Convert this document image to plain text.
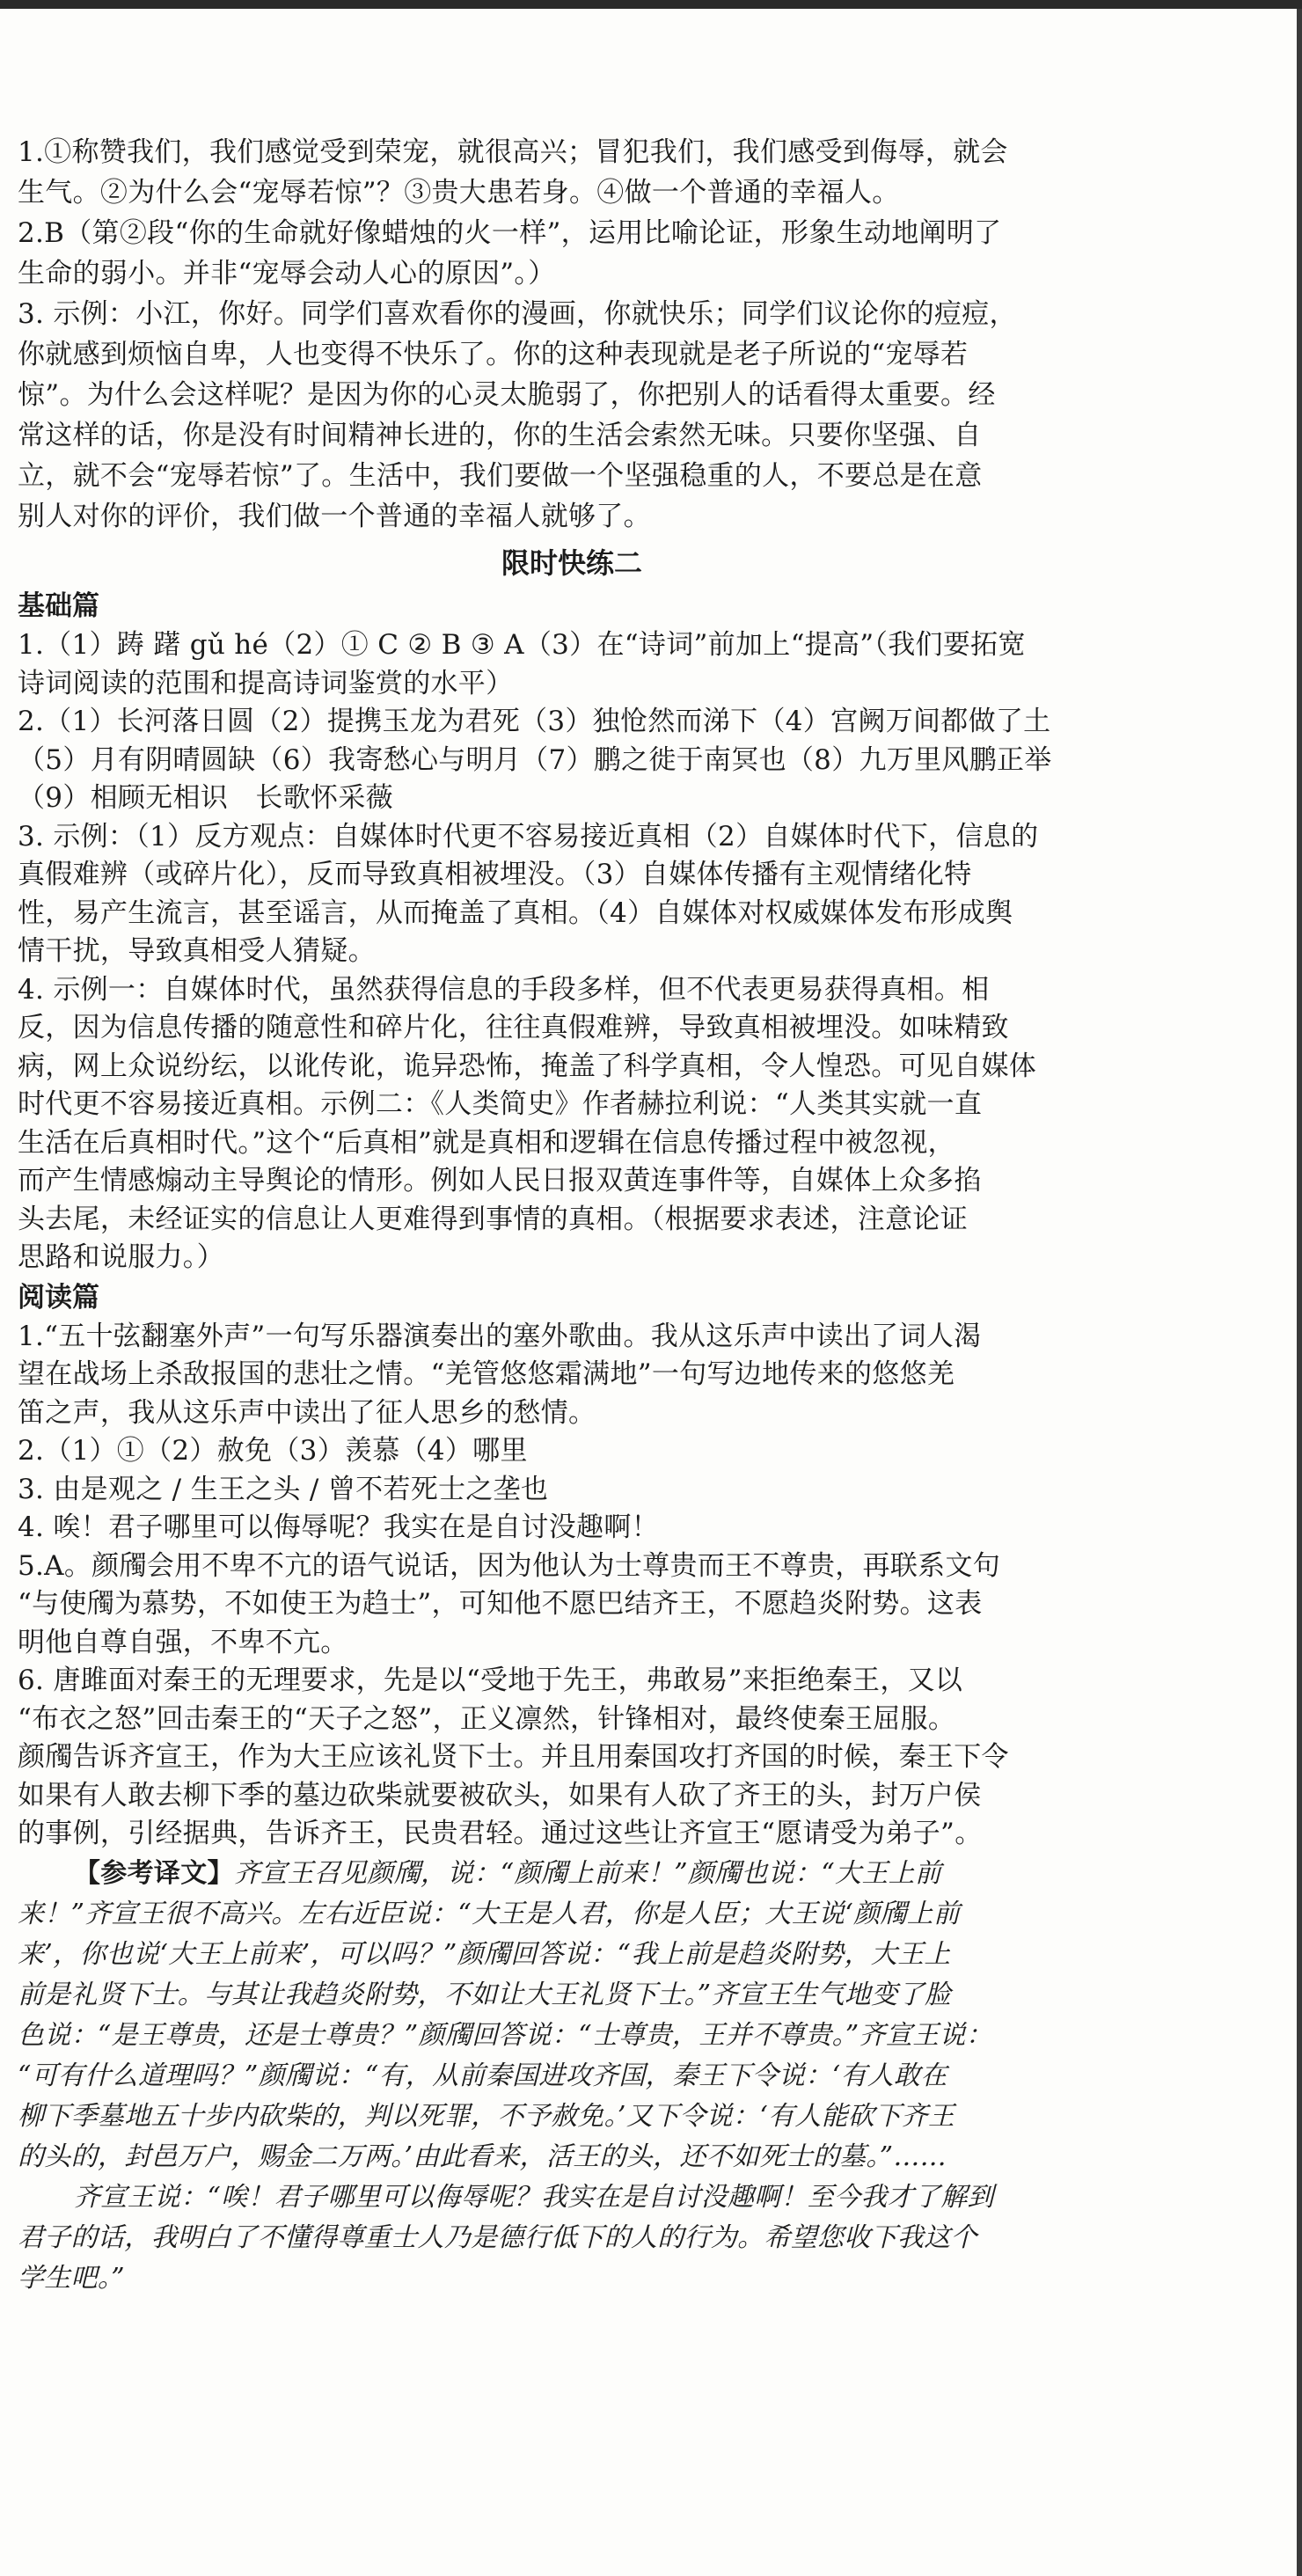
1.①称赞我们，我们感觉受到荣宠，就很高兴；冒犯我们，我们感受到侮辱，就会

生气。②为什么会“宠辱若惊”？③贵大患若身。④做一个普通的幸福人。

2.B（第②段“你的生命就好像蜡烛的火一样”，运用比喻论证，形象生动地阐明了

生命的弱小。并非“宠辱会动人心的原因”。）

3. 示例：小江，你好。同学们喜欢看你的漫画，你就快乐；同学们议论你的痘痘，

你就感到烦恼自卑，人也变得不快乐了。你的这种表现就是老子所说的“宠辱若

惊”。为什么会这样呢？是因为你的心灵太脆弱了，你把别人的话看得太重要。经

常这样的话，你是没有时间精神长进的，你的生活会索然无味。只要你坚强、自

立，就不会“宠辱若惊”了。生活中，我们要做一个坚强稳重的人，不要总是在意

别人对你的评价，我们做一个普通的幸福人就够了。

限时快练二

基础篇

1.（1）踌 躇 gǔ hé（2）① C ② B ③ A（3）在“诗词”前加上“提高”（我们要拓宽

诗词阅读的范围和提高诗词鉴赏的水平）

2.（1）长河落日圆（2）提携玉龙为君死（3）独怆然而涕下（4）宫阙万间都做了土

（5）月有阴晴圆缺（6）我寄愁心与明月（7）鹏之徙于南冥也（8）九万里风鹏正举

（9）相顾无相识　长歌怀采薇

3. 示例：（1）反方观点：自媒体时代更不容易接近真相（2）自媒体时代下，信息的

真假难辨（或碎片化），反而导致真相被埋没。（3）自媒体传播有主观情绪化特

性，易产生流言，甚至谣言，从而掩盖了真相。（4）自媒体对权威媒体发布形成舆

情干扰，导致真相受人猜疑。

4. 示例一：自媒体时代，虽然获得信息的手段多样，但不代表更易获得真相。相

反，因为信息传播的随意性和碎片化，往往真假难辨，导致真相被埋没。如味精致

病，网上众说纷纭，以讹传讹，诡异恐怖，掩盖了科学真相，令人惶恐。可见自媒体

时代更不容易接近真相。示例二：《人类简史》作者赫拉利说：“人类其实就一直

生活在后真相时代。”这个“后真相”就是真相和逻辑在信息传播过程中被忽视，

而产生情感煽动主导舆论的情形。例如人民日报双黄连事件等，自媒体上众多掐

头去尾，未经证实的信息让人更难得到事情的真相。（根据要求表述，注意论证

思路和说服力。）

阅读篇

1.“五十弦翻塞外声”一句写乐器演奏出的塞外歌曲。我从这乐声中读出了词人渴

望在战场上杀敌报国的悲壮之情。“羌管悠悠霜满地”一句写边地传来的悠悠羌

笛之声，我从这乐声中读出了征人思乡的愁情。

2.（1）①（2）赦免（3）羡慕（4）哪里

3. 由是观之 / 生王之头 / 曾不若死士之垄也

4. 唉！君子哪里可以侮辱呢？我实在是自讨没趣啊！

5.A。颜斶会用不卑不亢的语气说话，因为他认为士尊贵而王不尊贵，再联系文句

“与使斶为慕势，不如使王为趋士”，可知他不愿巴结齐王，不愿趋炎附势。这表

明他自尊自强，不卑不亢。

6. 唐雎面对秦王的无理要求，先是以“受地于先王，弗敢易”来拒绝秦王，又以

“布衣之怒”回击秦王的“天子之怒”，正义凛然，针锋相对，最终使秦王屈服。

颜斶告诉齐宣王，作为大王应该礼贤下士。并且用秦国攻打齐国的时候，秦王下令

如果有人敢去柳下季的墓边砍柴就要被砍头，如果有人砍了齐王的头，封万户侯

的事例，引经据典，告诉齐王，民贵君轻。通过这些让齐宣王“愿请受为弟子”。

【参考译文】齐宣王召见颜斶，说：“颜斶上前来！”颜斶也说：“大王上前

来！”齐宣王很不高兴。左右近臣说：“大王是人君，你是人臣；大王说‘颜斶上前

来’，你也说‘大王上前来’，可以吗？”颜斶回答说：“我上前是趋炎附势，大王上

前是礼贤下士。与其让我趋炎附势，不如让大王礼贤下士。”齐宣王生气地变了脸

色说：“是王尊贵，还是士尊贵？”颜斶回答说：“士尊贵，王并不尊贵。”齐宣王说：

“可有什么道理吗？”颜斶说：“有，从前秦国进攻齐国，秦王下令说：‘有人敢在

柳下季墓地五十步内砍柴的，判以死罪，不予赦免。’又下令说：‘有人能砍下齐王

的头的，封邑万户，赐金二万两。’由此看来，活王的头，还不如死士的墓。”……

齐宣王说：“唉！君子哪里可以侮辱呢？我实在是自讨没趣啊！至今我才了解到

君子的话，我明白了不懂得尊重士人乃是德行低下的人的行为。希望您收下我这个

学生吧。”
